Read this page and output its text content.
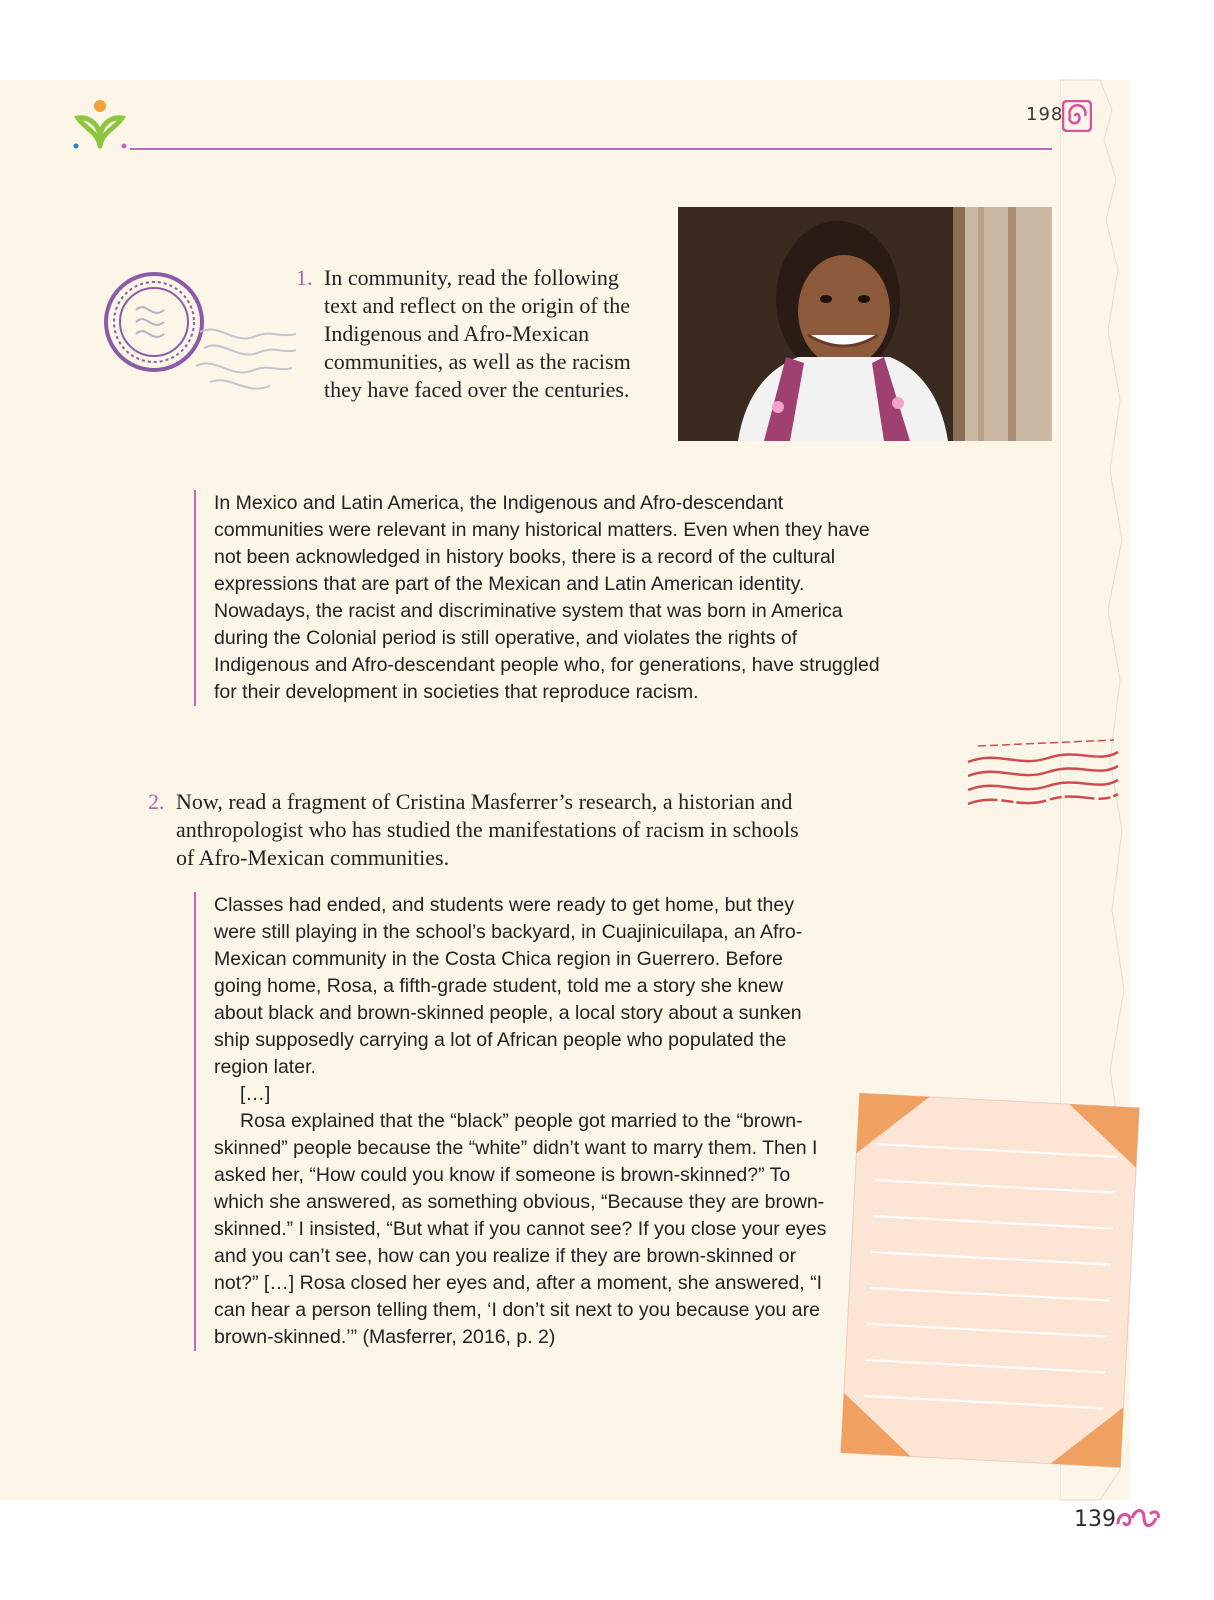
198
1. In community, read the following text and reflect on the origin of the Indigenous and Afro-Mexican communities, as well as the racism they have faced over the centuries.

In Mexico and Latin America, the Indigenous and Afro-descendant communities were relevant in many historical matters. Even when they have not been acknowledged in history books, there is a record of the cultural expressions that are part of the Mexican and Latin American identity. Nowadays, the racist and discriminative system that was born in America during the Colonial period is still operative, and violates the rights of Indigenous and Afro-descendant people who, for generations, have struggled for their development in societies that reproduce racism.

2. Now, read a fragment of Cristina Masferrer’s research, a historian and anthropologist who has studied the manifestations of racism in schools of Afro-Mexican communities.

Classes had ended, and students were ready to get home, but they were still playing in the school’s backyard, in Cuajinicuilapa, an Afro-Mexican community in the Costa Chica region in Guerrero. Before going home, Rosa, a fifth-grade student, told me a story she knew about black and brown-skinned people, a local story about a sunken ship supposedly carrying a lot of African people who populated the region later.

[…]

Rosa explained that the “black” people got married to the “brown-skinned” people because the “white” didn’t want to marry them. Then I asked her, “How could you know if someone is brown-skinned?” To which she answered, as something obvious, “Because they are brown-skinned.” I insisted, “But what if you cannot see? If you close your eyes and you can’t see, how can you realize if they are brown-skinned or not?” […] Rosa closed her eyes and, after a moment, she answered, “I can hear a person telling them, ‘I don’t sit next to you because you are brown-skinned.’” (Masferrer, 2016, p. 2)

139
